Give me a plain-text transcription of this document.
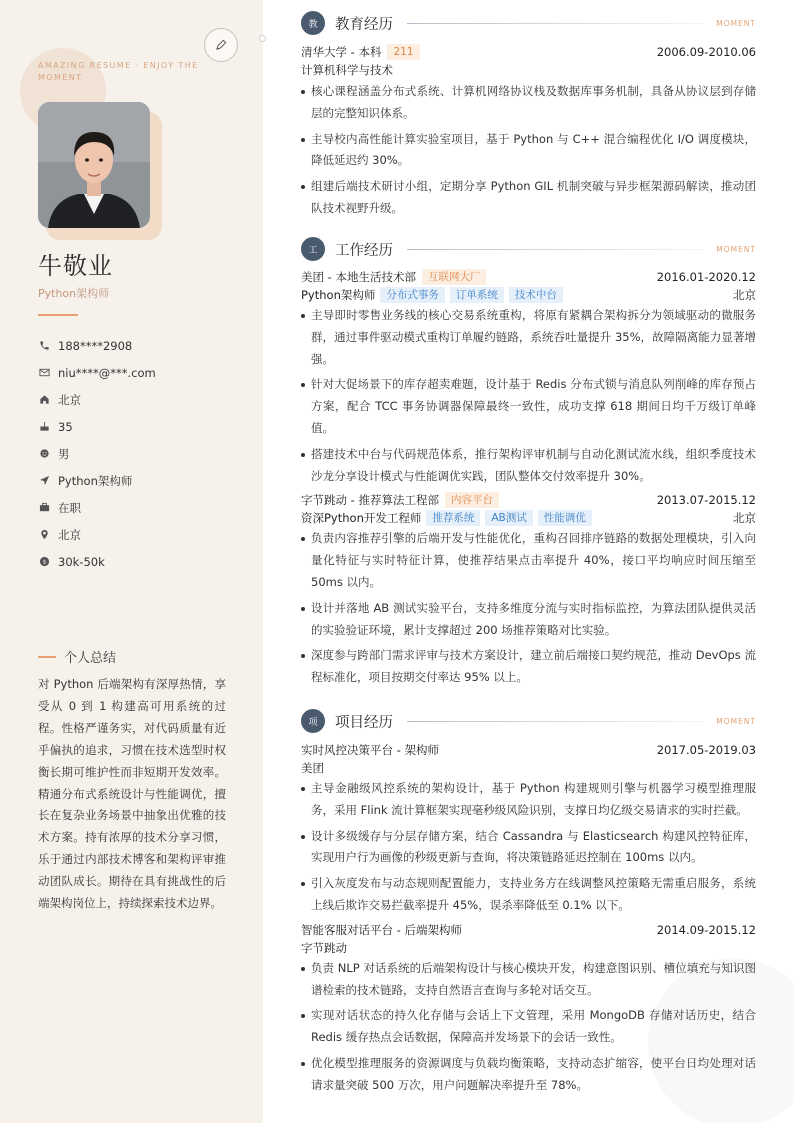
AMAZING RESUME · ENJOY THE MOMENT
牛敬业
Python架构师
188****2908
niu****@***.com
北京
35
男
Python架构师
在职
北京
$ 30k-50k
个人总结

对 Python 后端架构有深厚热情，享受从 0 到 1 构建高可用系统的过程。性格严谨务实，对代码质量有近乎偏执的追求，习惯在技术选型时权衡长期可维护性而非短期开发效率。精通分布式系统设计与性能调优，擅长在复杂业务场景中抽象出优雅的技术方案。持有浓厚的技术分享习惯，乐于通过内部技术博客和架构评审推动团队成长。期待在具有挑战性的后端架构岗位上，持续探索技术边界。

教	教育经历	MOMENT
清华大学 - 本科	211	2006.09-2010.06
计算机科学与技术
核心课程涵盖分布式系统、计算机网络协议栈及数据库事务机制，具备从协议层到存储层的完整知识体系。
主导校内高性能计算实验室项目，基于 Python 与 C++ 混合编程优化 I/O 调度模块，降低延迟约 30%。
组建后端技术研讨小组，定期分享 Python GIL 机制突破与异步框架源码解读，推动团队技术视野升级。
工	工作经历	MOMENT
美团 - 本地生活技术部	互联网大厂	2016.01-2020.12
Python架构师	分布式事务	订单系统	技术中台	北京
主导即时零售业务线的核心交易系统重构，将原有紧耦合架构拆分为领域驱动的微服务群，通过事件驱动模式重构订单履约链路，系统吞吐量提升 35%，故障隔离能力显著增强。
针对大促场景下的库存超卖难题，设计基于 Redis 分布式锁与消息队列削峰的库存预占方案，配合 TCC 事务协调器保障最终一致性，成功支撑 618 期间日均千万级订单峰值。
搭建技术中台与代码规范体系，推行架构评审机制与自动化测试流水线，组织季度技术沙龙分享设计模式与性能调优实践，团队整体交付效率提升 30%。
字节跳动 - 推荐算法工程部	内容平台	2013.07-2015.12
资深Python开发工程师	推荐系统	AB测试	性能调优	北京
负责内容推荐引擎的后端开发与性能优化，重构召回排序链路的数据处理模块，引入向量化特征与实时特征计算，使推荐结果点击率提升 40%，接口平均响应时间压缩至 50ms 以内。
设计并落地 AB 测试实验平台，支持多维度分流与实时指标监控，为算法团队提供灵活的实验验证环境，累计支撑超过 200 场推荐策略对比实验。
深度参与跨部门需求评审与技术方案设计，建立前后端接口契约规范，推动 DevOps 流程标准化，项目按期交付率达 95% 以上。
项	项目经历	MOMENT
实时风控决策平台 - 架构师	2017.05-2019.03
美团
主导金融级风控系统的架构设计，基于 Python 构建规则引擎与机器学习模型推理服务，采用 Flink 流计算框架实现毫秒级风险识别，支撑日均亿级交易请求的实时拦截。
设计多级缓存与分层存储方案，结合 Cassandra 与 Elasticsearch 构建风控特征库，实现用户行为画像的秒级更新与查询，将决策链路延迟控制在 100ms 以内。
引入灰度发布与动态规则配置能力，支持业务方在线调整风控策略无需重启服务，系统上线后欺诈交易拦截率提升 45%，误杀率降低至 0.1% 以下。
智能客服对话平台 - 后端架构师	2014.09-2015.12
字节跳动
负责 NLP 对话系统的后端架构设计与核心模块开发，构建意图识别、槽位填充与知识图谱检索的技术链路，支持自然语言查询与多轮对话交互。
实现对话状态的持久化存储与会话上下文管理，采用 MongoDB 存储对话历史，结合 Redis 缓存热点会话数据，保障高并发场景下的会话一致性。
优化模型推理服务的资源调度与负载均衡策略，支持动态扩缩容，使平台日均处理对话请求量突破 500 万次，用户问题解决率提升至 78%。
